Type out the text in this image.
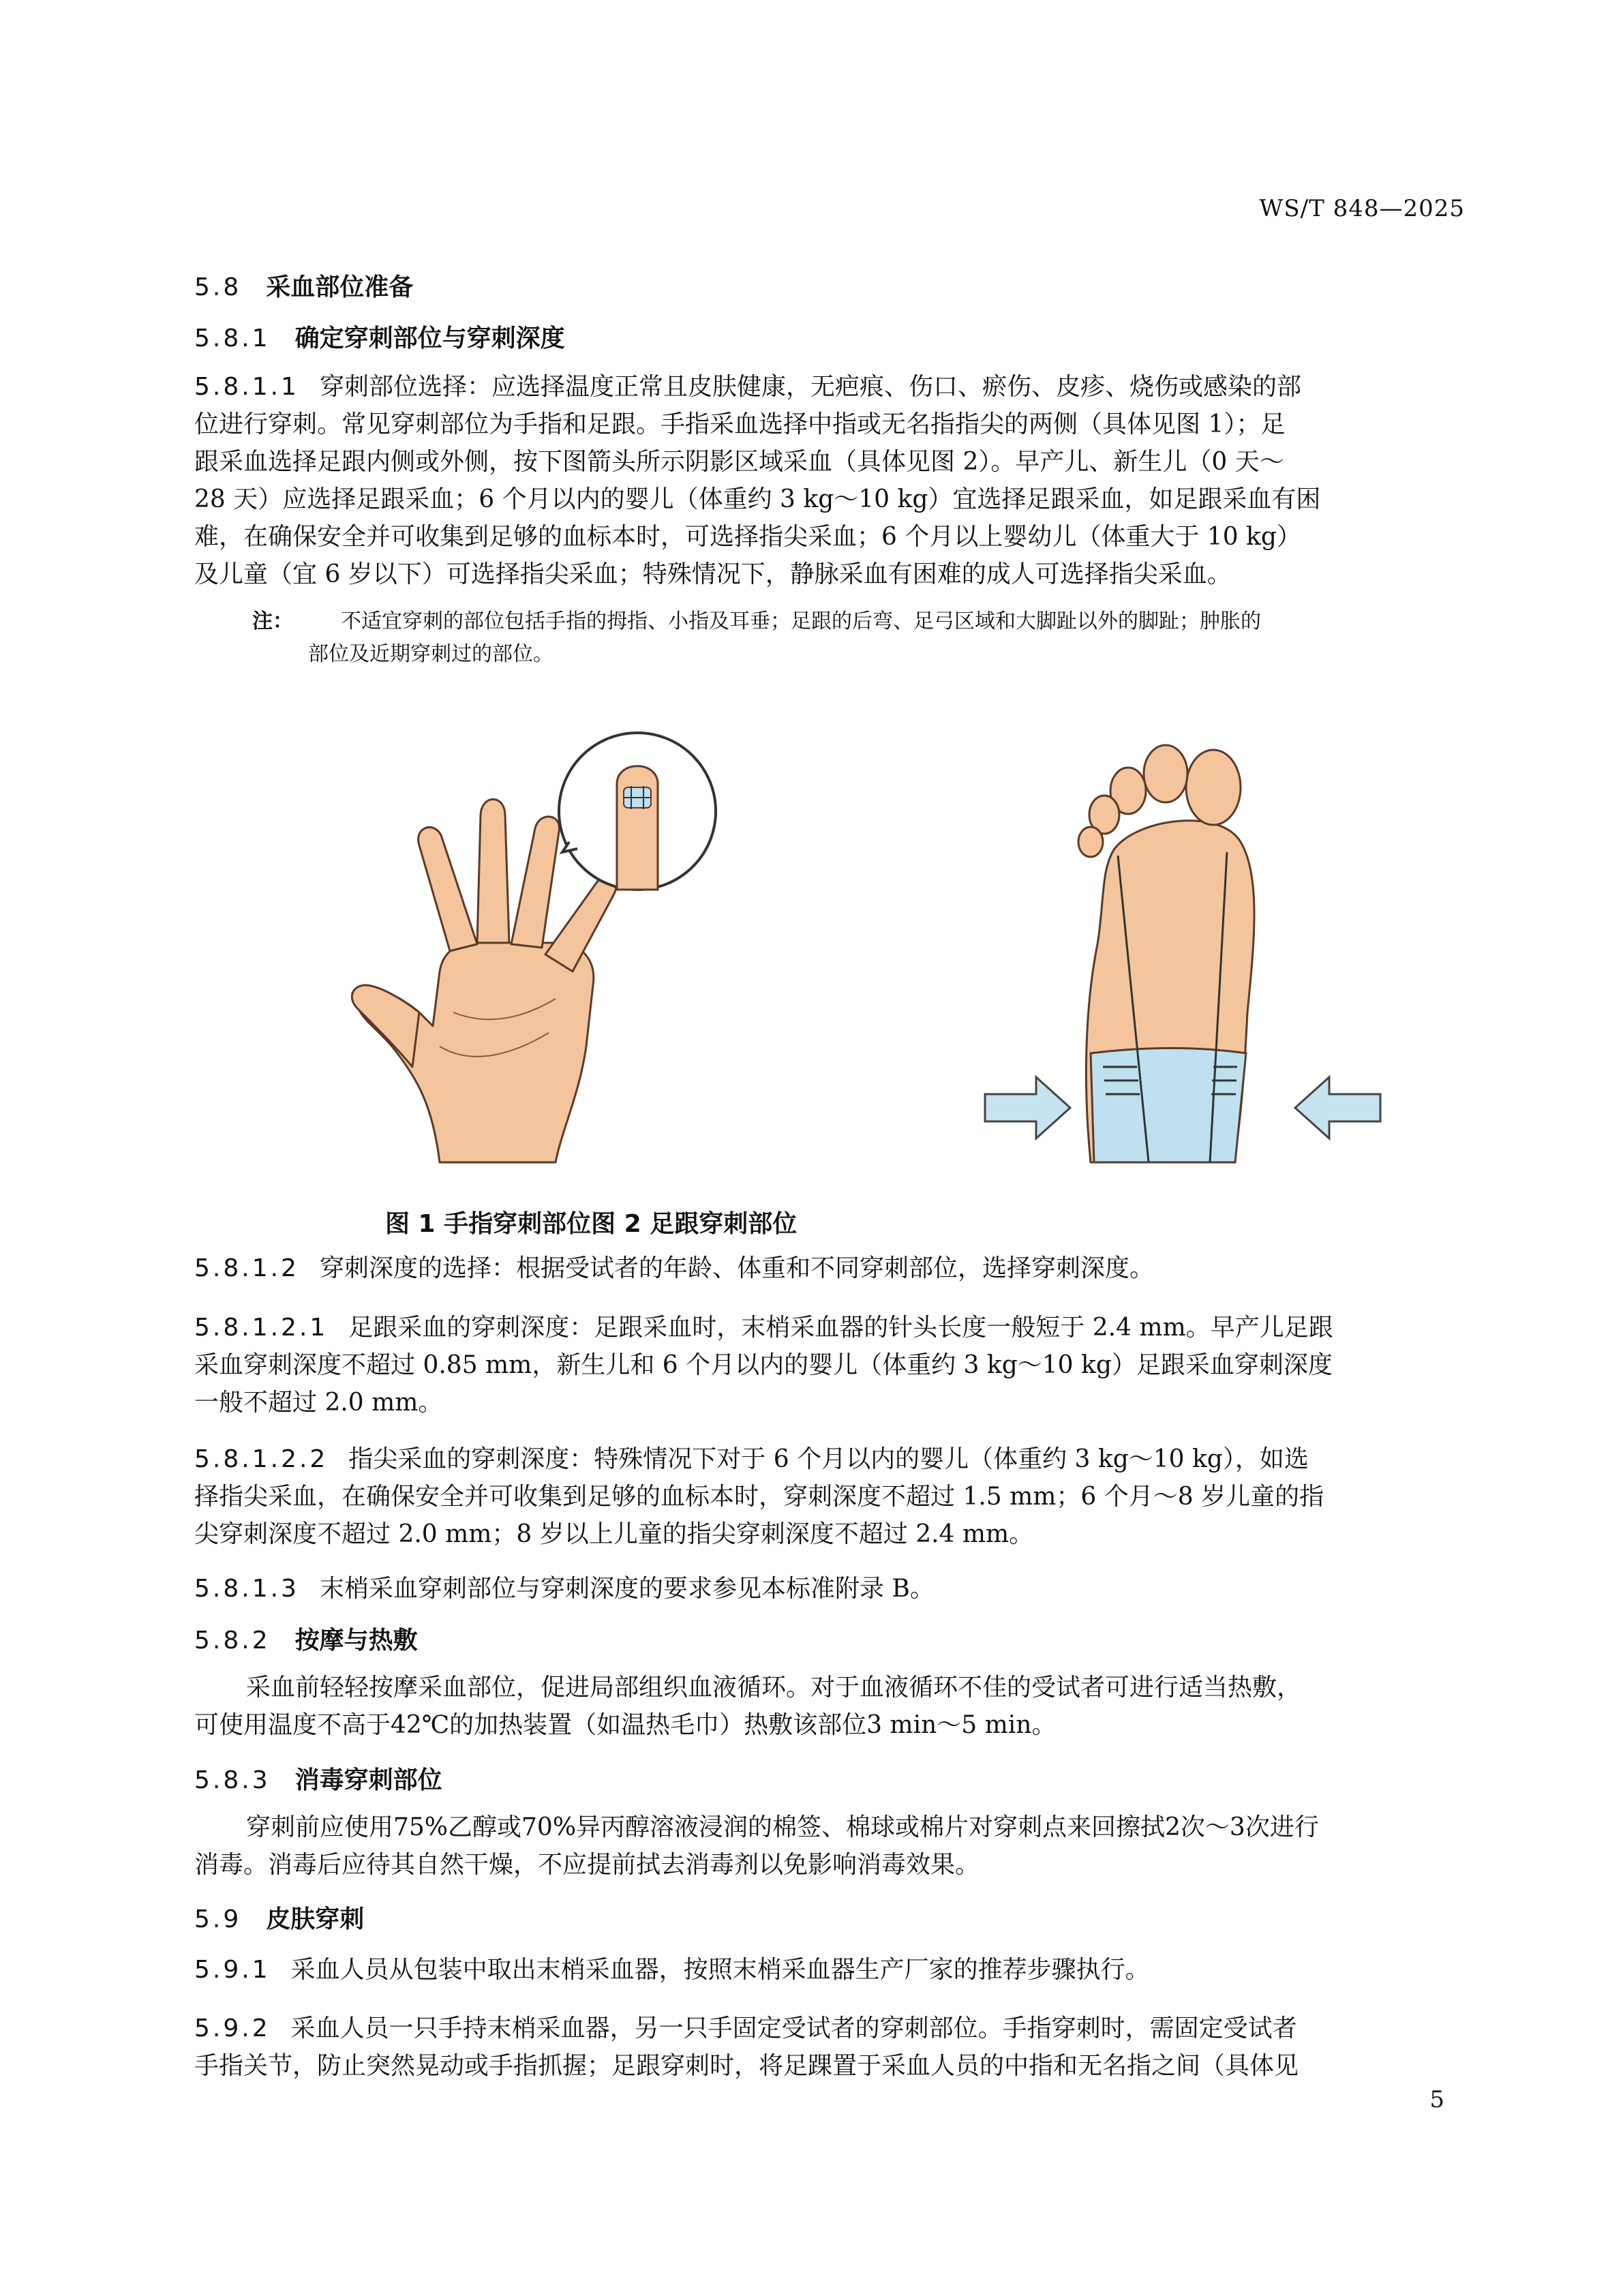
WS/T 848—2025
5.8 采血部位准备
5.8.1 确定穿刺部位与穿刺深度
5.8.1.1 穿刺部位选择：应选择温度正常且皮肤健康，无疤痕、伤口、瘀伤、皮疹、烧伤或感染的部
位进行穿刺。常见穿刺部位为手指和足跟。手指采血选择中指或无名指指尖的两侧（具体见图 1）；足
跟采血选择足跟内侧或外侧，按下图箭头所示阴影区域采血（具体见图 2）。早产儿、新生儿（0 天～
28 天）应选择足跟采血；6 个月以内的婴儿（体重约 3 kg～10 kg）宜选择足跟采血，如足跟采血有困
难，在确保安全并可收集到足够的血标本时，可选择指尖采血；6 个月以上婴幼儿（体重大于 10 kg）
及儿童（宜 6 岁以下）可选择指尖采血；特殊情况下，静脉采血有困难的成人可选择指尖采血。
注： 不适宜穿刺的部位包括手指的拇指、小指及耳垂；足跟的后弯、足弓区域和大脚趾以外的脚趾；肿胀的
部位及近期穿刺过的部位。
图 1 手指穿刺部位图 2 足跟穿刺部位
5.8.1.2 穿刺深度的选择：根据受试者的年龄、体重和不同穿刺部位，选择穿刺深度。
5.8.1.2.1 足跟采血的穿刺深度：足跟采血时，末梢采血器的针头长度一般短于 2.4 mm。早产儿足跟
采血穿刺深度不超过 0.85 mm，新生儿和 6 个月以内的婴儿（体重约 3 kg～10 kg）足跟采血穿刺深度
一般不超过 2.0 mm。
5.8.1.2.2 指尖采血的穿刺深度：特殊情况下对于 6 个月以内的婴儿（体重约 3 kg～10 kg），如选
择指尖采血，在确保安全并可收集到足够的血标本时，穿刺深度不超过 1.5 mm；6 个月～8 岁儿童的指
尖穿刺深度不超过 2.0 mm；8 岁以上儿童的指尖穿刺深度不超过 2.4 mm。
5.8.1.3 末梢采血穿刺部位与穿刺深度的要求参见本标准附录 B。
5.8.2 按摩与热敷
采血前轻轻按摩采血部位，促进局部组织血液循环。对于血液循环不佳的受试者可进行适当热敷，
可使用温度不高于42℃的加热装置（如温热毛巾）热敷该部位3 min～5 min。
5.8.3 消毒穿刺部位
穿刺前应使用75%乙醇或70%异丙醇溶液浸润的棉签、棉球或棉片对穿刺点来回擦拭2次～3次进行
消毒。消毒后应待其自然干燥，不应提前拭去消毒剂以免影响消毒效果。
5.9 皮肤穿刺
5.9.1 采血人员从包装中取出末梢采血器，按照末梢采血器生产厂家的推荐步骤执行。
5.9.2 采血人员一只手持末梢采血器，另一只手固定受试者的穿刺部位。手指穿刺时，需固定受试者
手指关节，防止突然晃动或手指抓握；足跟穿刺时，将足踝置于采血人员的中指和无名指之间（具体见
5
